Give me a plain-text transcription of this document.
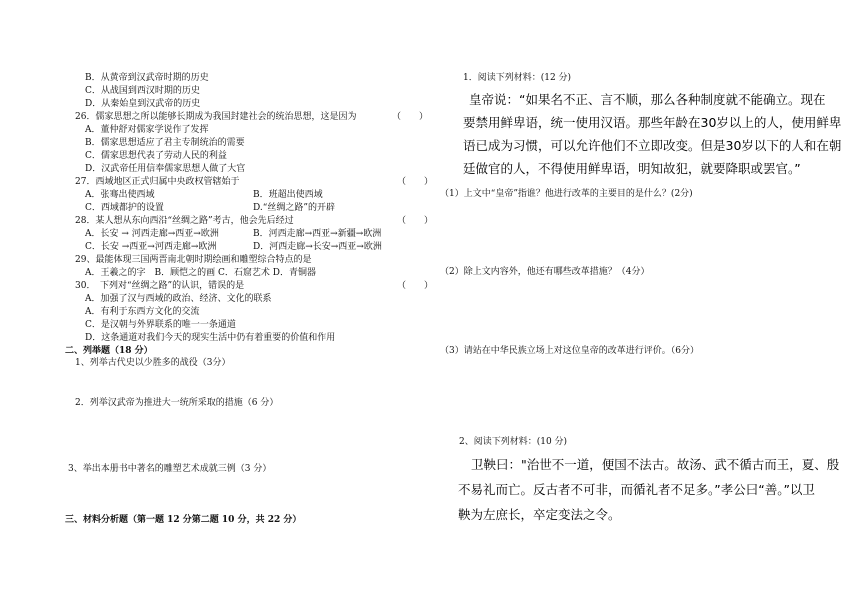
B．从黄帝到汉武帝时期的历史
C．从战国到西汉时期的历史
D．从秦始皇到汉武帝的历史
26．儒家思想之所以能够长期成为我国封建社会的统治思想，这是因为	（　　）
A．董仲舒对儒家学说作了发挥
B．儒家思想适应了君主专制统治的需要
C．儒家思想代表了劳动人民的利益
D．汉武帝任用信奉儒家思想人做了大官
27．西域地区正式归属中央政权管辖始于	（　　）
A．张骞出使西域	B．班超出使西域
C．西域都护的设置	D.“丝绸之路”的开辟
28．某人想从东向西沿“丝绸之路”考古，他会先后经过	（　　）
A．长安 → 河西走廊→西亚→欧洲	B．河西走廊→西亚→新疆→欧洲
C．长安 →西亚→河西走廊→欧洲	D．河西走廊→长安→西亚→欧洲
29、最能体现三国两晋南北朝时期绘画和雕塑综合特点的是
A．王羲之的字　B．顾恺之的画 C．石窟艺术 D．青铜器
30．　下列对“丝绸之路”的认识，错误的是	（　　）
A．加强了汉与西域的政治、经济、文化的联系
A．有利于东西方文化的交流
C．是汉朝与外界联系的唯一一条通道
D．这条通道对我们今天的现实生活中仍有着重要的价值和作用
二、列举题（18 分）
1、列举古代史以少胜多的战役（3分）
2．列举汉武帝为推进大一统所采取的措施（6 分）
3、举出本册书中著名的雕塑艺术成就三例（3 分）
三、材料分析题（第一题 12 分第二题 10 分，共 22 分）
1．阅读下列材料：(12 分)
皇帝说：“如果名不正、言不顺，那么各种制度就不能确立。现在
要禁用鲜卑语，统一使用汉语。那些年龄在30岁以上的人，使用鲜卑
语已成为习惯，可以允许他们不立即改变。但是30岁以下的人和在朝
廷做官的人，不得使用鲜卑语，明知故犯，就要降职或罢官。”
（1）上文中“皇帝”指谁？他进行改革的主要目的是什么？(2分)
（2）除上文内容外，他还有哪些改革措施？（4分）
（3）请站在中华民族立场上对这位皇帝的改革进行评价。（6分）
2、阅读下列材料：(10 分)
卫鞅曰："治世不一道，便国不法古。故汤、武不循古而王，夏、殷
不易礼而亡。反古者不可非，而循礼者不足多。”孝公曰“善。”以卫
鞅为左庶长，卒定变法之令。
